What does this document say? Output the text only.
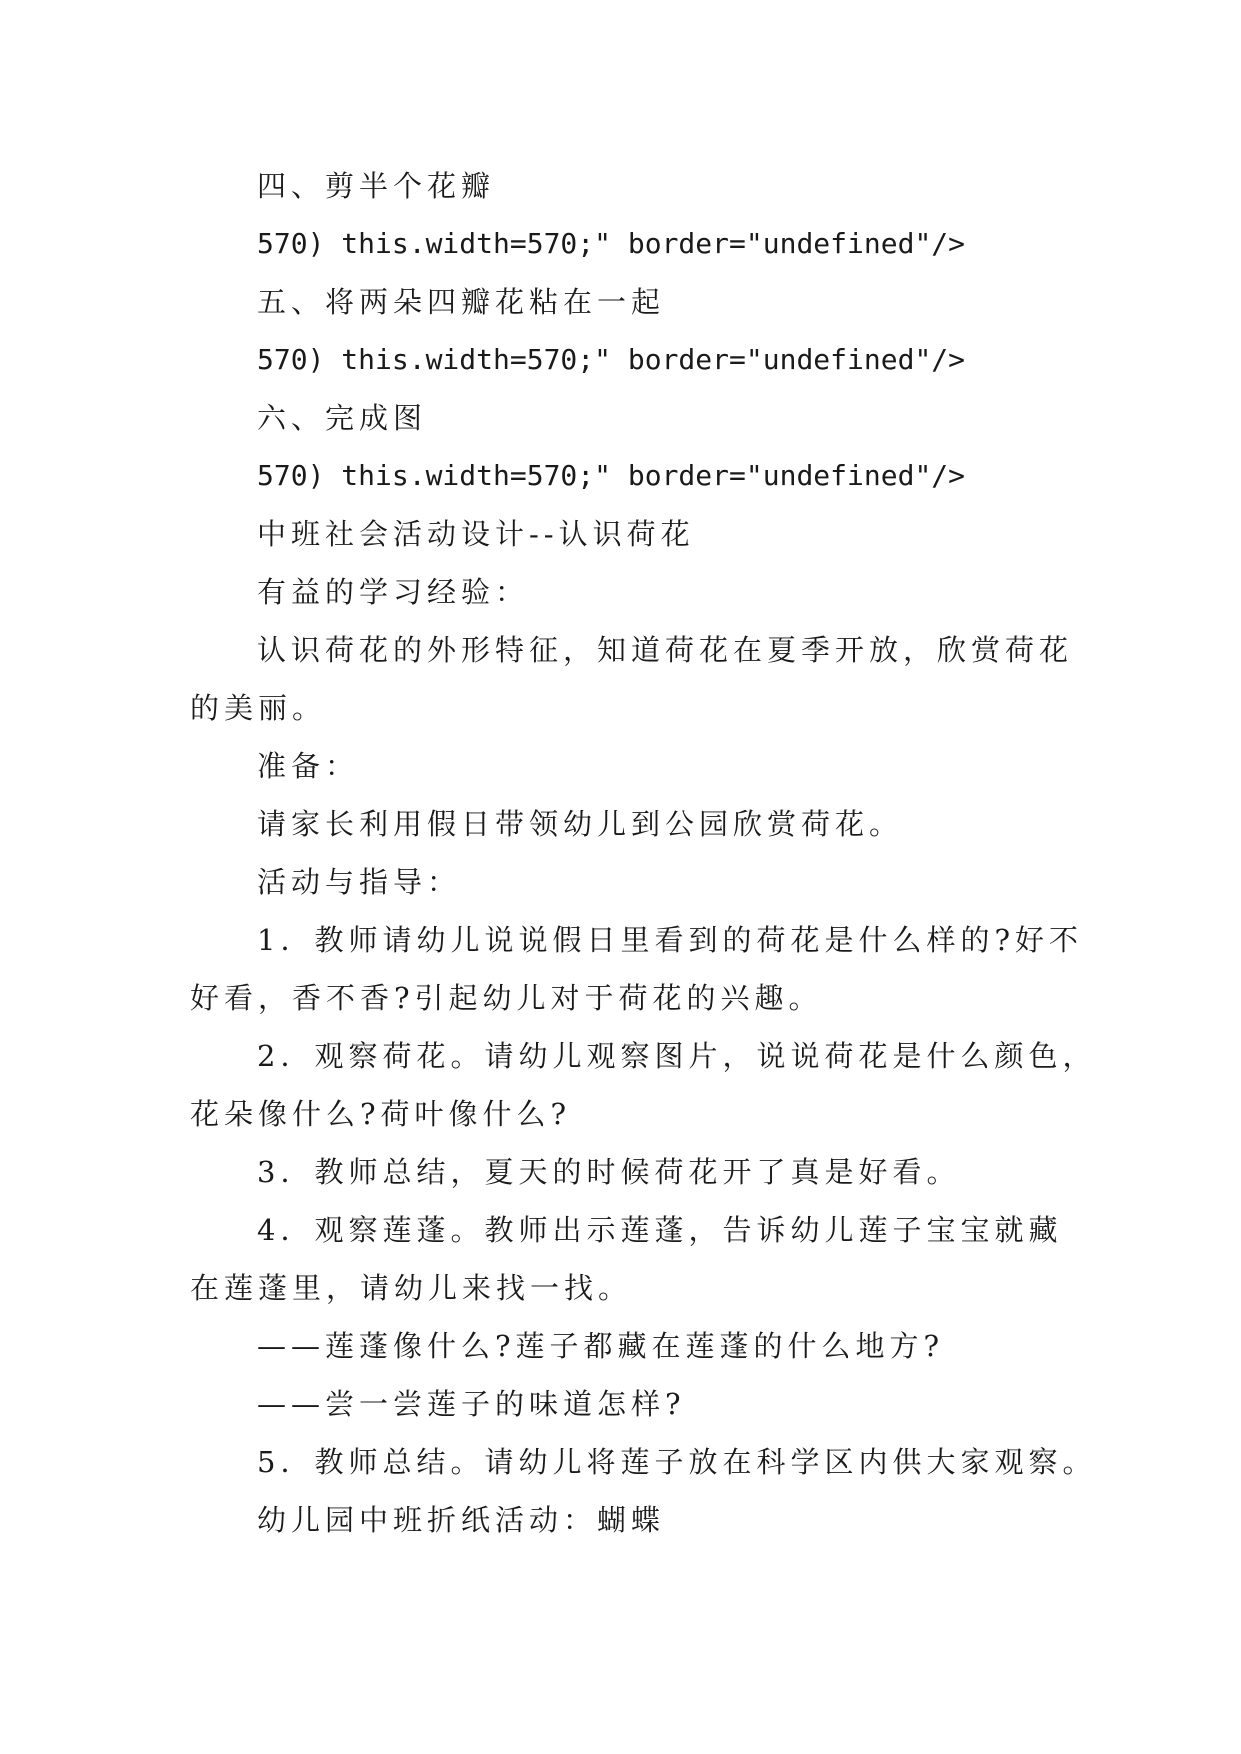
四、剪半个花瓣
570) this.width=570;" border="undefined"/>
五、将两朵四瓣花粘在一起
570) this.width=570;" border="undefined"/>
六、完成图
570) this.width=570;" border="undefined"/>
中班社会活动设计--认识荷花
有益的学习经验：
认识荷花的外形特征，知道荷花在夏季开放，欣赏荷花
的美丽。
准备：
请家长利用假日带领幼儿到公园欣赏荷花。
活动与指导：
1．教师请幼儿说说假日里看到的荷花是什么样的?好不
好看，香不香?引起幼儿对于荷花的兴趣。
2．观察荷花。请幼儿观察图片，说说荷花是什么颜色，
花朵像什么?荷叶像什么?
3．教师总结，夏天的时候荷花开了真是好看。
4．观察莲蓬。教师出示莲蓬，告诉幼儿莲子宝宝就藏
在莲蓬里，请幼儿来找一找。
——莲蓬像什么?莲子都藏在莲蓬的什么地方?
——尝一尝莲子的味道怎样?
5．教师总结。请幼儿将莲子放在科学区内供大家观察。
幼儿园中班折纸活动：蝴蝶
